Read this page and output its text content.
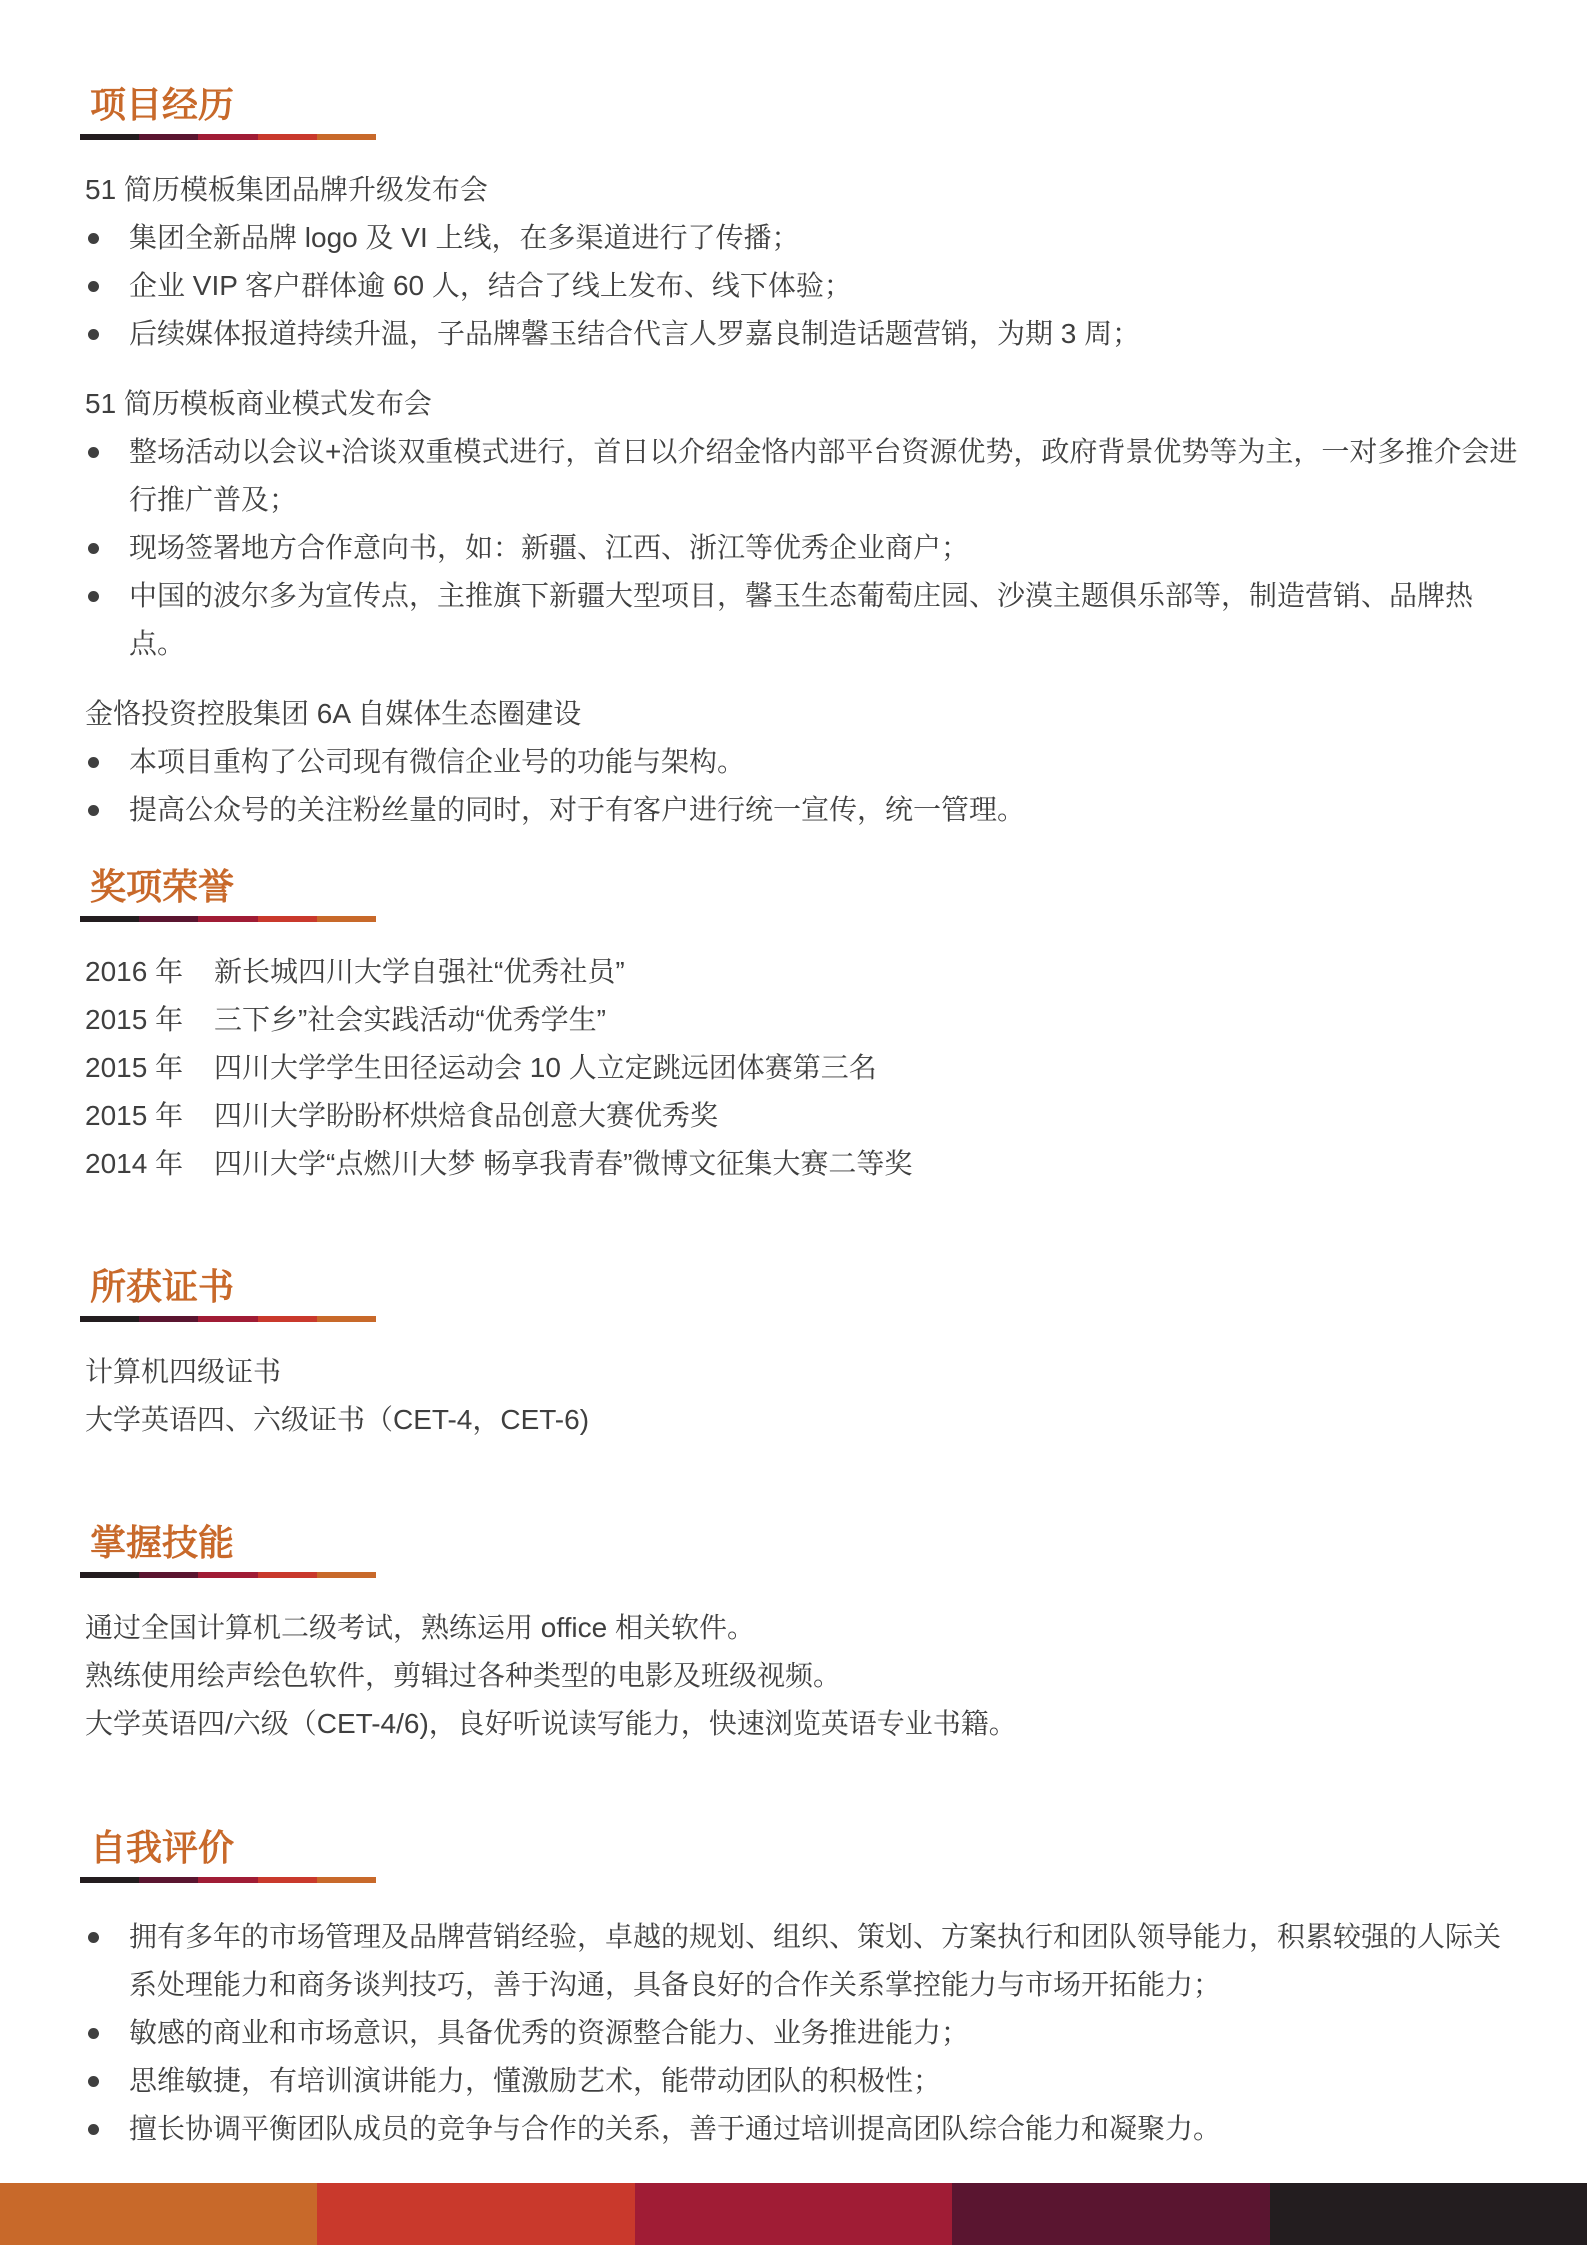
项目经历
51 简历模板集团品牌升级发布会
集团全新品牌 logo 及 VI 上线，在多渠道进行了传播；
企业 VIP 客户群体逾 60 人，结合了线上发布、线下体验；
后续媒体报道持续升温，子品牌馨玉结合代言人罗嘉良制造话题营销，为期 3 周；
51 简历模板商业模式发布会
整场活动以会议+洽谈双重模式进行，首日以介绍金恪内部平台资源优势，政府背景优势等为主，一对多推介会进行推广普及；
现场签署地方合作意向书，如：新疆、江西、浙江等优秀企业商户；
中国的波尔多为宣传点，主推旗下新疆大型项目，馨玉生态葡萄庄园、沙漠主题俱乐部等，制造营销、品牌热点。
金恪投资控股集团 6A 自媒体生态圈建设
本项目重构了公司现有微信企业号的功能与架构。
提高公众号的关注粉丝量的同时，对于有客户进行统一宣传，统一管理。
奖项荣誉
2016 年 新长城四川大学自强社“优秀社员”
2015 年 三下乡”社会实践活动“优秀学生”
2015 年 四川大学学生田径运动会 10 人立定跳远团体赛第三名
2015 年 四川大学盼盼杯烘焙食品创意大赛优秀奖
2014 年 四川大学“点燃川大梦 畅享我青春”微博文征集大赛二等奖
所获证书
计算机四级证书
大学英语四、六级证书（CET-4，CET-6)
掌握技能
通过全国计算机二级考试，熟练运用 office 相关软件。
熟练使用绘声绘色软件，剪辑过各种类型的电影及班级视频。
大学英语四/六级（CET-4/6)，良好听说读写能力，快速浏览英语专业书籍。
自我评价
拥有多年的市场管理及品牌营销经验，卓越的规划、组织、策划、方案执行和团队领导能力，积累较强的人际关系处理能力和商务谈判技巧，善于沟通，具备良好的合作关系掌控能力与市场开拓能力；
敏感的商业和市场意识，具备优秀的资源整合能力、业务推进能力；
思维敏捷，有培训演讲能力，懂激励艺术，能带动团队的积极性；
擅长协调平衡团队成员的竞争与合作的关系，善于通过培训提高团队综合能力和凝聚力。
